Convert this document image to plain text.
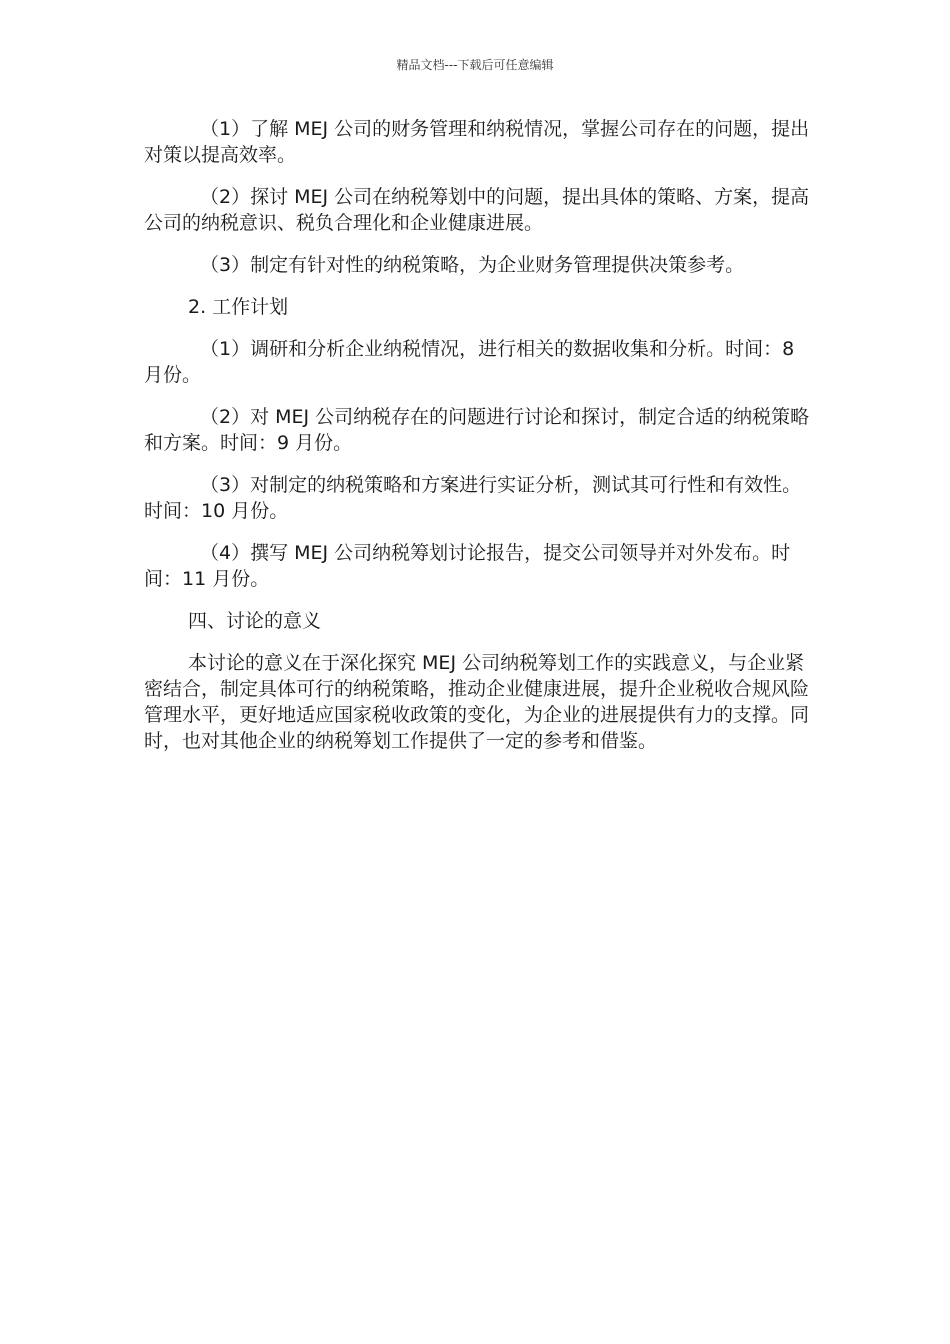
精品文档---下载后可任意编辑

（1）了解 MEJ 公司的财务管理和纳税情况，掌握公司存在的问题，提出对策以提高效率。

（2）探讨 MEJ 公司在纳税筹划中的问题，提出具体的策略、方案，提高公司的纳税意识、税负合理化和企业健康进展。

（3）制定有针对性的纳税策略，为企业财务管理提供决策参考。

2. 工作计划

（1）调研和分析企业纳税情况，进行相关的数据收集和分析。时间：8 月份。

（2）对 MEJ 公司纳税存在的问题进行讨论和探讨，制定合适的纳税策略和方案。时间：9 月份。

（3）对制定的纳税策略和方案进行实证分析，测试其可行性和有效性。时间：10 月份。

（4）撰写 MEJ 公司纳税筹划讨论报告，提交公司领导并对外发布。时间：11 月份。

四、讨论的意义

本讨论的意义在于深化探究 MEJ 公司纳税筹划工作的实践意义，与企业紧密结合，制定具体可行的纳税策略，推动企业健康进展，提升企业税收合规风险管理水平，更好地适应国家税收政策的变化，为企业的进展提供有力的支撑。同时，也对其他企业的纳税筹划工作提供了一定的参考和借鉴。
